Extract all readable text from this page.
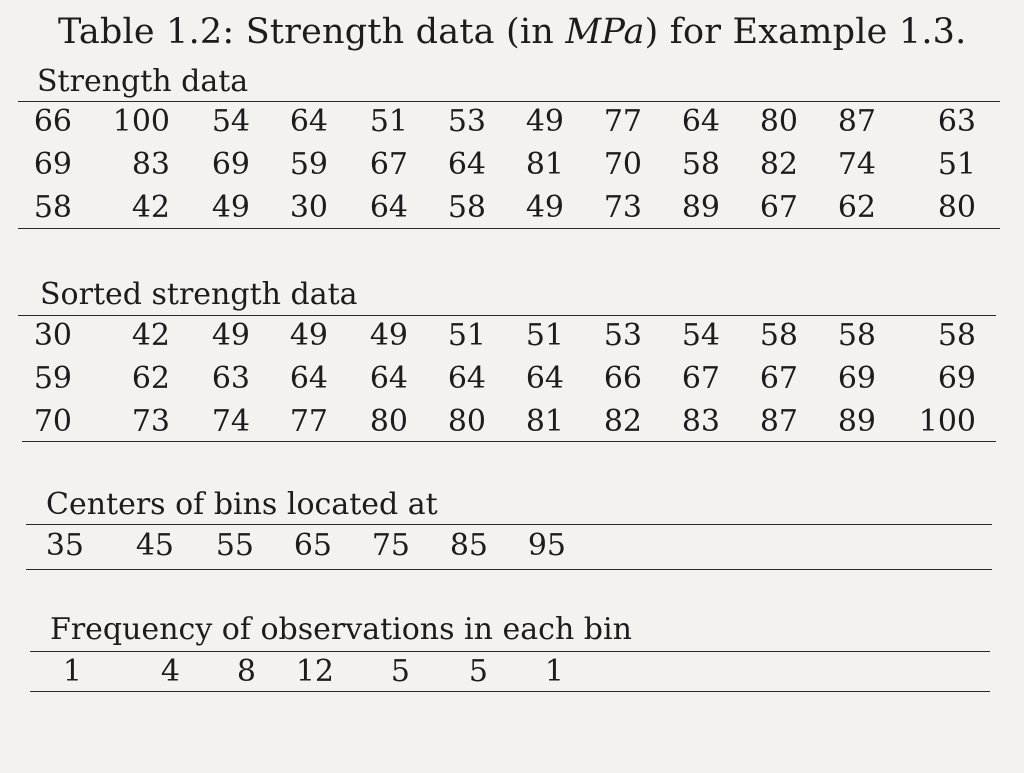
Table 1.2: Strength data (in MPa) for Example 1.3.
Strength data
66 100 54 64 51 53 49 77 64 80 87 63
69 83 69 59 67 64 81 70 58 82 74 51
58 42 49 30 64 58 49 73 89 67 62 80
Sorted strength data
30 42 49 49 49 51 51 53 54 58 58 58
59 62 63 64 64 64 64 66 67 67 69 69
70 73 74 77 80 80 81 82 83 87 89 100
Centers of bins located at
35 45 55 65 75 85 95
Frequency of observations in each bin
1	4 8 12 5 5 1
